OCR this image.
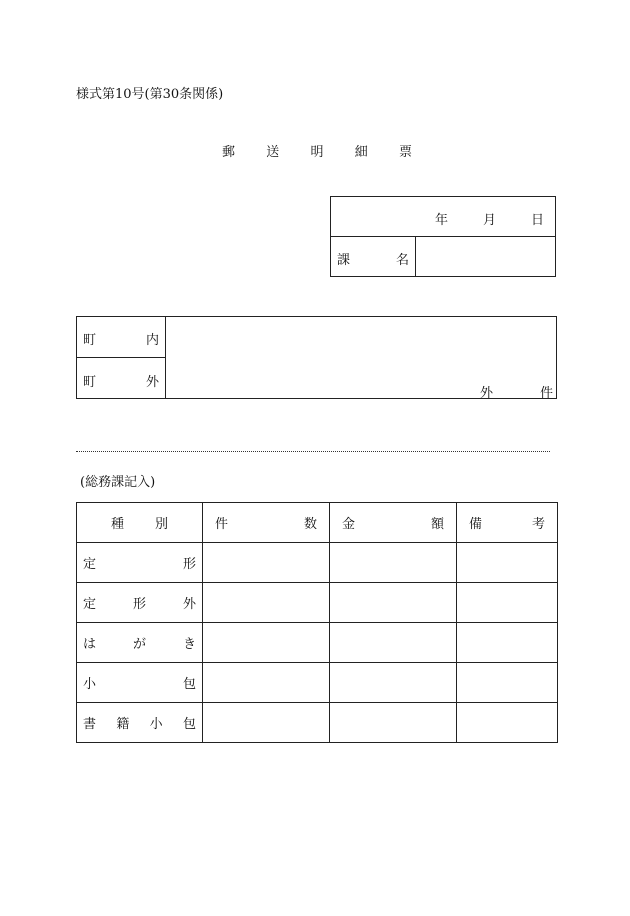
様式第10号(第30条関係)
郵 送 明 細 票
年	月	日
課	名
町	内
町	外
外	件
(総務課記入)
種 別	件 数	金 額	備 考

定 形			

定 形 外			

は が き			

小 包			

書 籍 小 包			
